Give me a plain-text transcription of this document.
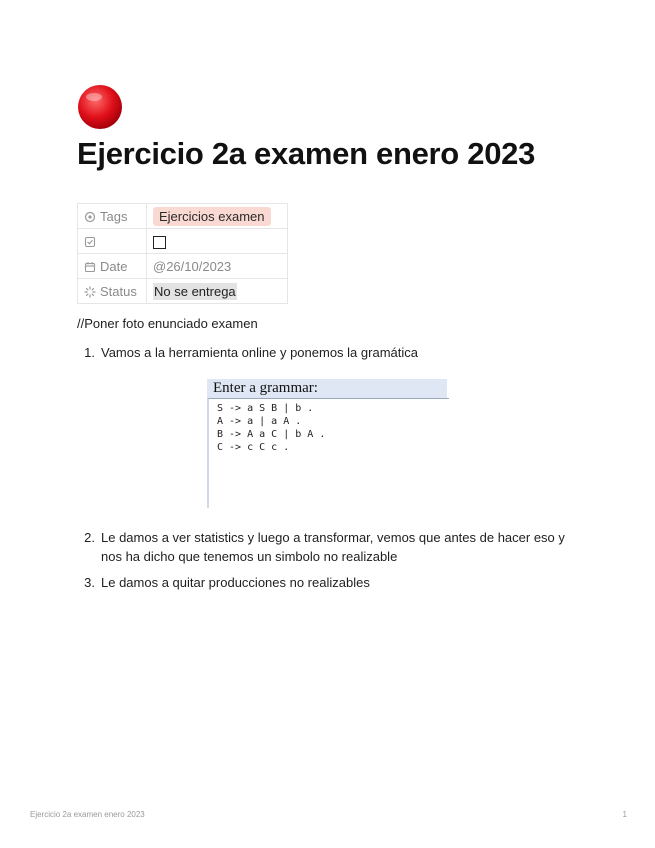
Ejercicio 2a examen enero 2023
Tags	Ejercicios examen

Date	@26/10/2023
Status	No se entrega

//Poner foto enunciado examen

1. Vamos a la herramienta online y ponemos la gramática
Enter a grammar:

S -> a S B | b .

A -> a | a A .

B -> A a C | b A .

C -> c C c .

2. Le damos a ver statistics y luego a transformar, vemos que antes de hacer eso y nos ha dicho que tenemos un simbolo no realizable
3. Le damos a quitar producciones no realizables
Ejercicio 2a examen enero 2023	1
